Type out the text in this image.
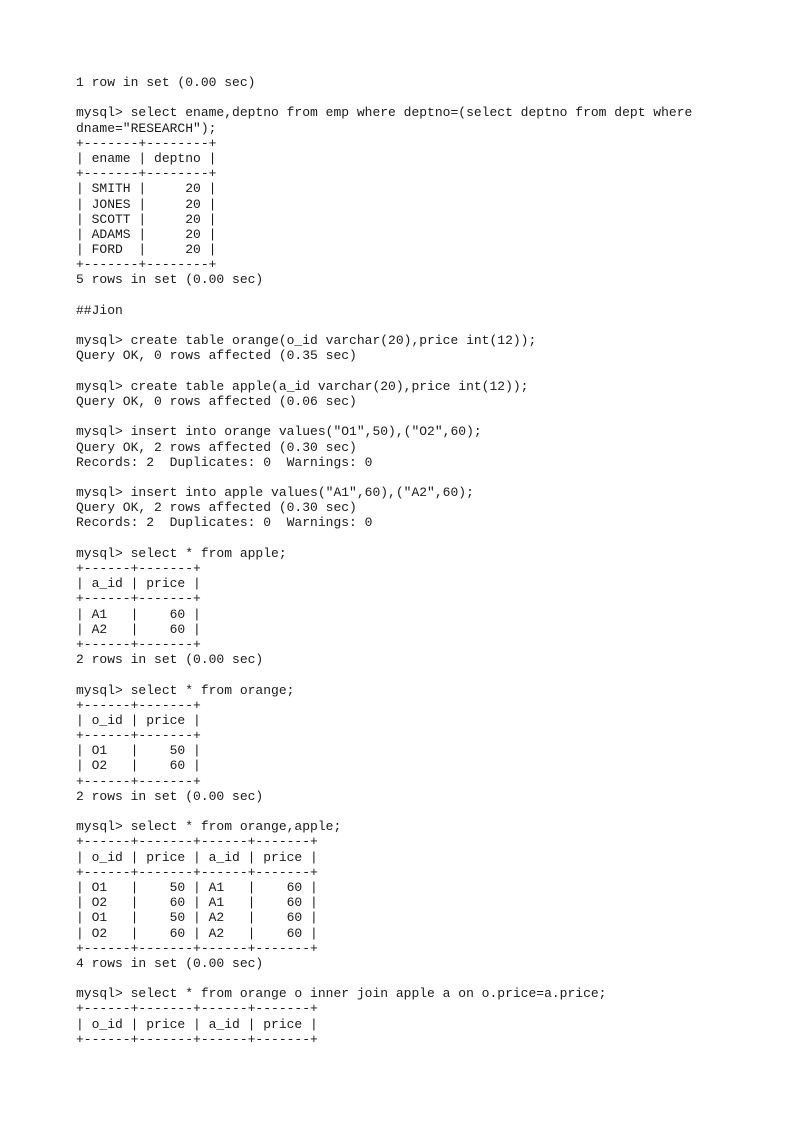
1 row in set (0.00 sec)
mysql> select ename,deptno from emp where deptno=(select deptno from dept where
dname="RESEARCH");
+-------+--------+
| ename | deptno |
+-------+--------+
| SMITH |     20 |
| JONES |     20 |
| SCOTT |     20 |
| ADAMS |     20 |
| FORD  |     20 |
+-------+--------+
5 rows in set (0.00 sec)
##Jion
mysql> create table orange(o_id varchar(20),price int(12));
Query OK, 0 rows affected (0.35 sec)
mysql> create table apple(a_id varchar(20),price int(12));
Query OK, 0 rows affected (0.06 sec)
mysql> insert into orange values("O1",50),("O2",60);
Query OK, 2 rows affected (0.30 sec)
Records: 2  Duplicates: 0  Warnings: 0
mysql> insert into apple values("A1",60),("A2",60);
Query OK, 2 rows affected (0.30 sec)
Records: 2  Duplicates: 0  Warnings: 0
mysql> select * from apple;
+------+-------+
| a_id | price |
+------+-------+
| A1   |    60 |
| A2   |    60 |
+------+-------+
2 rows in set (0.00 sec)
mysql> select * from orange;
+------+-------+
| o_id | price |
+------+-------+
| O1   |    50 |
| O2   |    60 |
+------+-------+
2 rows in set (0.00 sec)
mysql> select * from orange,apple;
+------+-------+------+-------+
| o_id | price | a_id | price |
+------+-------+------+-------+
| O1   |    50 | A1   |    60 |
| O2   |    60 | A1   |    60 |
| O1   |    50 | A2   |    60 |
| O2   |    60 | A2   |    60 |
+------+-------+------+-------+
4 rows in set (0.00 sec)
mysql> select * from orange o inner join apple a on o.price=a.price;
+------+-------+------+-------+
| o_id | price | a_id | price |
+------+-------+------+-------+
